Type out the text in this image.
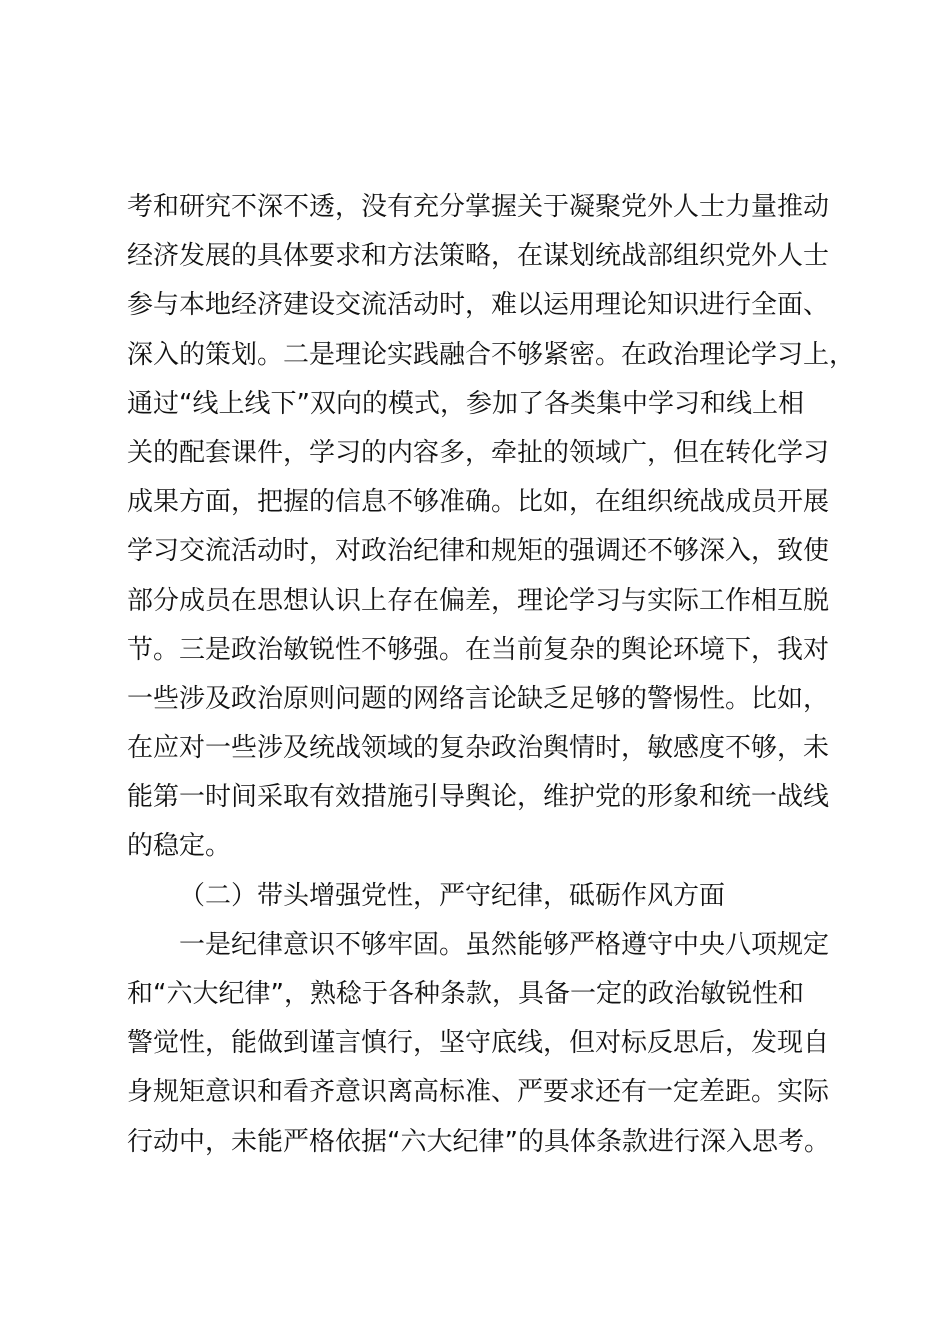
考和研究不深不透，没有充分掌握关于凝聚党外人士力量推动
经济发展的具体要求和方法策略，在谋划统战部组织党外人士
参与本地经济建设交流活动时，难以运用理论知识进行全面、
深入的策划。二是理论实践融合不够紧密。在政治理论学习上，
通过“线上线下”双向的模式，参加了各类集中学习和线上相
关的配套课件，学习的内容多，牵扯的领域广，但在转化学习
成果方面，把握的信息不够准确。比如，在组织统战成员开展
学习交流活动时，对政治纪律和规矩的强调还不够深入，致使
部分成员在思想认识上存在偏差，理论学习与实际工作相互脱
节。三是政治敏锐性不够强。在当前复杂的舆论环境下，我对
一些涉及政治原则问题的网络言论缺乏足够的警惕性。比如，
在应对一些涉及统战领域的复杂政治舆情时，敏感度不够，未
能第一时间采取有效措施引导舆论，维护党的形象和统一战线
的稳定。
（二）带头增强党性，严守纪律，砥砺作风方面
一是纪律意识不够牢固。虽然能够严格遵守中央八项规定
和“六大纪律”，熟稔于各种条款，具备一定的政治敏锐性和
警觉性，能做到谨言慎行，坚守底线，但对标反思后，发现自
身规矩意识和看齐意识离高标准、严要求还有一定差距。实际
行动中，未能严格依据“六大纪律”的具体条款进行深入思考。
